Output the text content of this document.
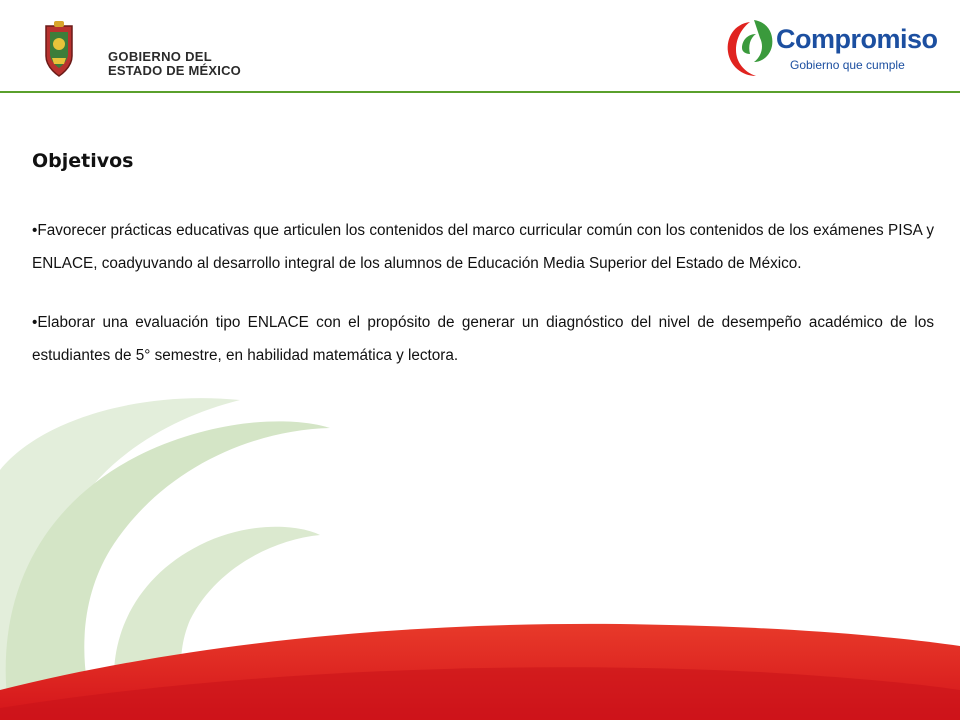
GOBIERNO DEL
ESTADO DE MÉXICO
Compromiso
Gobierno que cumple
Objetivos

•Favorecer prácticas educativas que articulen los contenidos del marco curricular común con los contenidos de los exámenes PISA y ENLACE, coadyuvando al desarrollo integral de los alumnos de Educación Media Superior del Estado de México.

•Elaborar una evaluación tipo ENLACE con el propósito de generar un diagnóstico del nivel de desempeño académico de los estudiantes de 5° semestre, en habilidad matemática y lectora.
